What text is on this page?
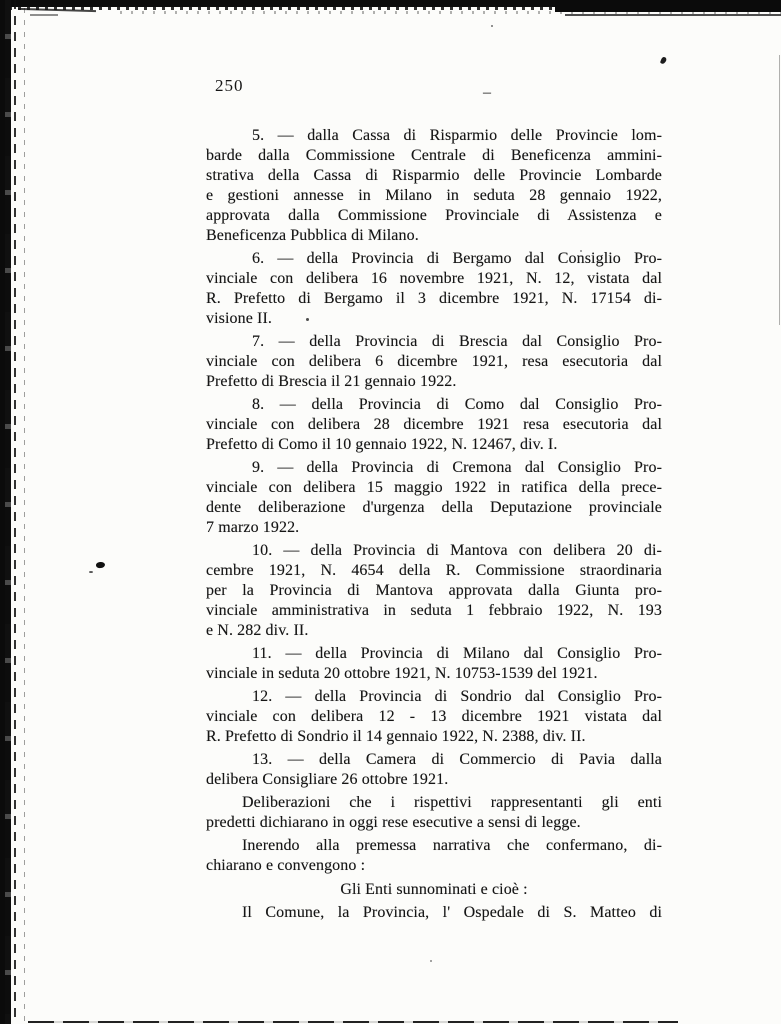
250	–
5. — dalla Cassa di Risparmio delle Provincie lom-
barde dalla Commissione Centrale di Beneficenza ammini-
strativa della Cassa di Risparmio delle Provincie Lombarde
e gestioni annesse in Milano in seduta 28 gennaio 1922,
approvata dalla Commissione Provinciale di Assistenza e
Beneficenza Pubblica di Milano.
6. — della Provincia di Bergamo dal Consiglio Pro-
vinciale con delibera 16 novembre 1921, N. 12, vistata dal
R. Prefetto di Bergamo il 3 dicembre 1921, N. 17154 di-
visione II.
7. — della Provincia di Brescia dal Consiglio Pro-
vinciale con delibera 6 dicembre 1921, resa esecutoria dal
Prefetto di Brescia il 21 gennaio 1922.
8. — della Provincia di Como dal Consiglio Pro-
vinciale con delibera 28 dicembre 1921 resa esecutoria dal
Prefetto di Como il 10 gennaio 1922, N. 12467, div. I.
9. — della Provincia di Cremona dal Consiglio Pro-
vinciale con delibera 15 maggio 1922 in ratifica della prece-
dente deliberazione d'urgenza della Deputazione provinciale
7 marzo 1922.
10. — della Provincia di Mantova con delibera 20 di-
cembre 1921, N. 4654 della R. Commissione straordinaria
per la Provincia di Mantova approvata dalla Giunta pro-
vinciale amministrativa in seduta 1 febbraio 1922, N. 193
e N. 282 div. II.
11. — della Provincia di Milano dal Consiglio Pro-
vinciale in seduta 20 ottobre 1921, N. 10753-1539 del 1921.
12. — della Provincia di Sondrio dal Consiglio Pro-
vinciale con delibera 12 - 13 dicembre 1921 vistata dal
R. Prefetto di Sondrio il 14 gennaio 1922, N. 2388, div. II.
13. — della Camera di Commercio di Pavia dalla
delibera Consigliare 26 ottobre 1921.
Deliberazioni che i rispettivi rappresentanti gli enti
predetti dichiarano in oggi rese esecutive a sensi di legge.
Inerendo alla premessa narrativa che confermano, di-
chiarano e convengono :
Gli Enti sunnominati e cioè :
Il Comune, la Provincia, l' Ospedale di S. Matteo di
